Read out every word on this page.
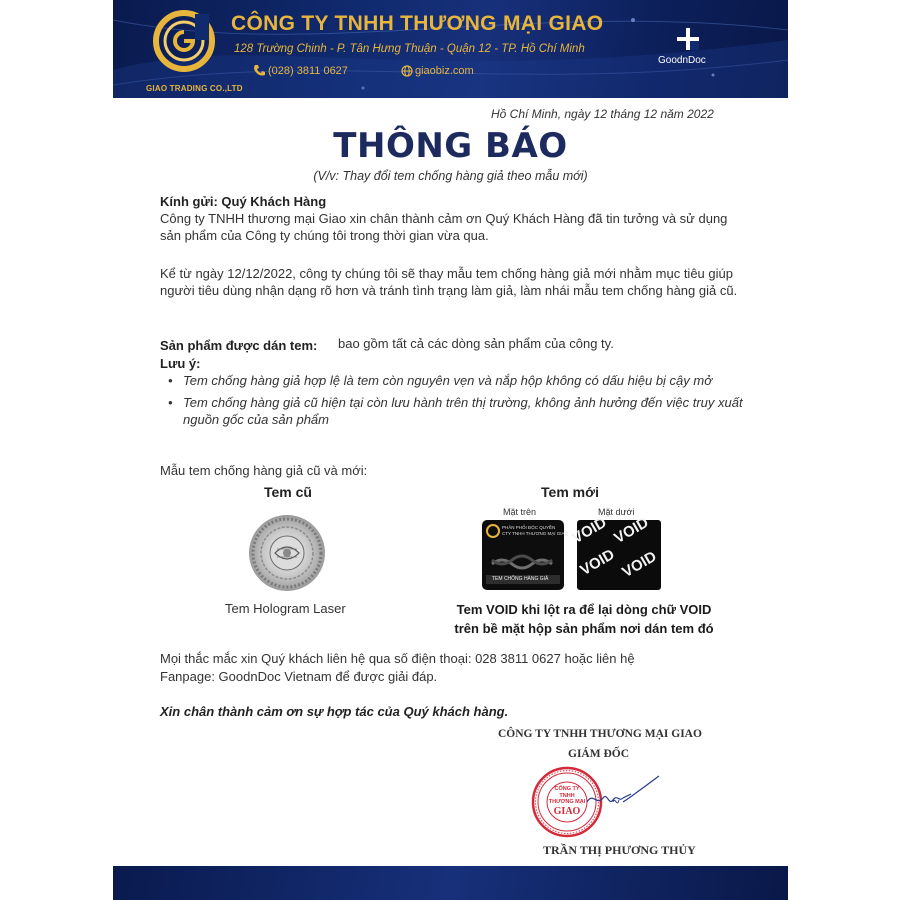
GIAO TRADING CO.,LTD
CÔNG TY TNHH THƯƠNG MẠI GIAO
128 Trường Chinh - P. Tân Hưng Thuận - Quận 12 - TP. Hồ Chí Minh
(028) 3811 0627	giaobiz.com
GoodnDoc
Hồ Chí Minh, ngày 12 tháng 12 năm 2022
THÔNG BÁO
(V/v: Thay đổi tem chống hàng giả theo mẫu mới)
Kính gửi: Quý Khách Hàng
Công ty TNHH thương mại Giao xin chân thành cảm ơn Quý Khách Hàng đã tin tưởng và sử dụng sản phẩm của Công ty chúng tôi trong thời gian vừa qua.
Kể từ ngày 12/12/2022, công ty chúng tôi sẽ thay mẫu tem chống hàng giả mới nhằm mục tiêu giúp người tiêu dùng nhận dạng rõ hơn và tránh tình trạng làm giả, làm nhái mẫu tem chống hàng giả cũ.
Sản phẩm được dán tem: bao gồm tất cả các dòng sản phẩm của công ty.
Lưu ý:
• Tem chống hàng giả hợp lệ là tem còn nguyên vẹn và nắp hộp không có dấu hiệu bị cậy mở
• Tem chống hàng giả cũ hiện tại còn lưu hành trên thị trường, không ảnh hưởng đến việc truy xuất nguồn gốc của sản phẩm
Mẫu tem chống hàng giả cũ và mới:
Tem cũ
Tem Hologram Laser
Tem mới
Mặt trên	Mặt dưới
PHÂN PHỐI ĐỘC QUYỀN
CTY TNHH THƯƠNG MẠI GIAO
TEM CHỐNG HÀNG GIẢ
VOID VOID
VOID VOID
Tem VOID khi lột ra để lại dòng chữ VOID
trên bề mặt hộp sản phẩm nơi dán tem đó
Mọi thắc mắc xin Quý khách liên hệ qua số điện thoại: 028 3811 0627 hoặc liên hệ
Fanpage: GoodnDoc Vietnam để được giải đáp.
Xin chân thành cảm ơn sự hợp tác của Quý khách hàng.
CÔNG TY TNHH THƯƠNG MẠI GIAO
GIÁM ĐỐC
CÔNG TY
TNHH
THƯƠNG MẠI
GIAO
TRẦN THỊ PHƯƠNG THỦY
